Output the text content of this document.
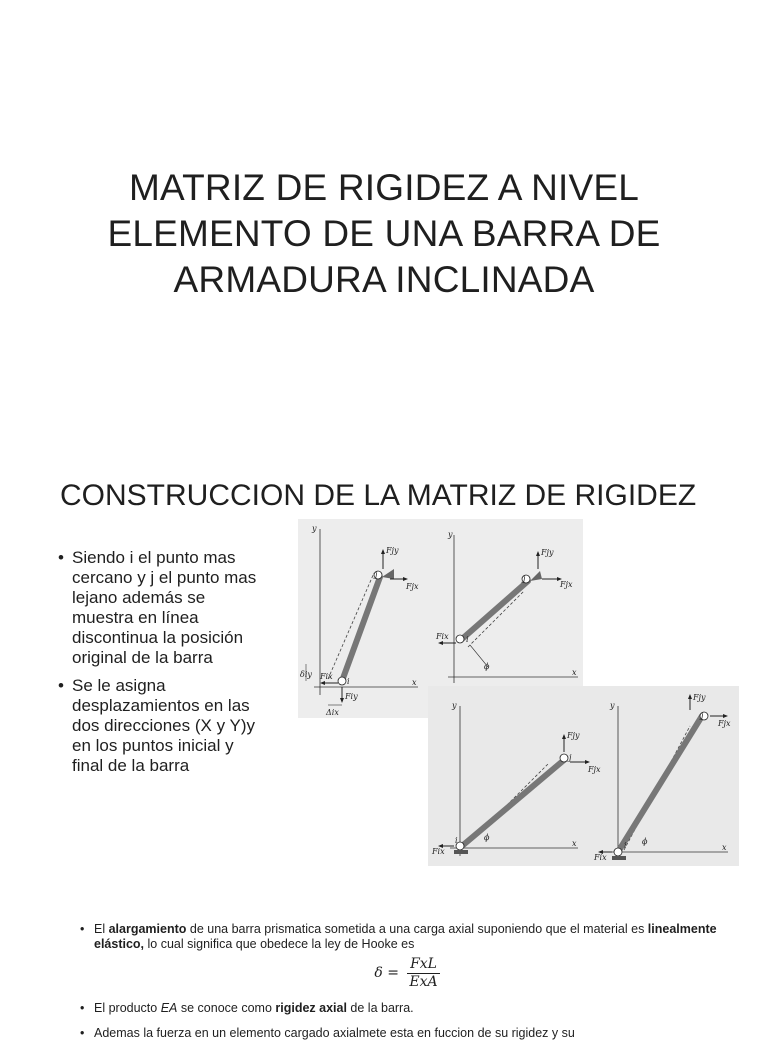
MATRIZ DE RIGIDEZ A NIVEL
ELEMENTO DE UNA BARRA DE
ARMADURA INCLINADA
CONSTRUCCION DE LA MATRIZ DE RIGIDEZ
• Siendo i el punto mas cercano y j el punto mas lejano además se muestra en línea discontinua la posición original de la barra
• Se le asigna desplazamientos en las dos direcciones (X y Y)y en los puntos inicial y final de la barra
y
x
i
j
Fjy
Fjx
Fix
Fiy
Δix
δiy
y
x
i
j
Fjy
Fjx
Fix
ϕ
y
x
i
j
Fjy
Fjx
Fix
ϕ
y
x
i
j
Fjy
Fjx
Fix
ϕ
• El alargamiento de una barra prismatica sometida a una carga axial suponiendo que el material es linealmente elástico, lo cual significa que obedece la ley de Hooke es
$\delta = \frac{\text{FxL}}{\text{ExA}}$
• El producto EA se conoce como rigidez axial de la barra.
• Ademas la fuerza en un elemento cargado axialmete esta en fuccion de su rigidez y su
